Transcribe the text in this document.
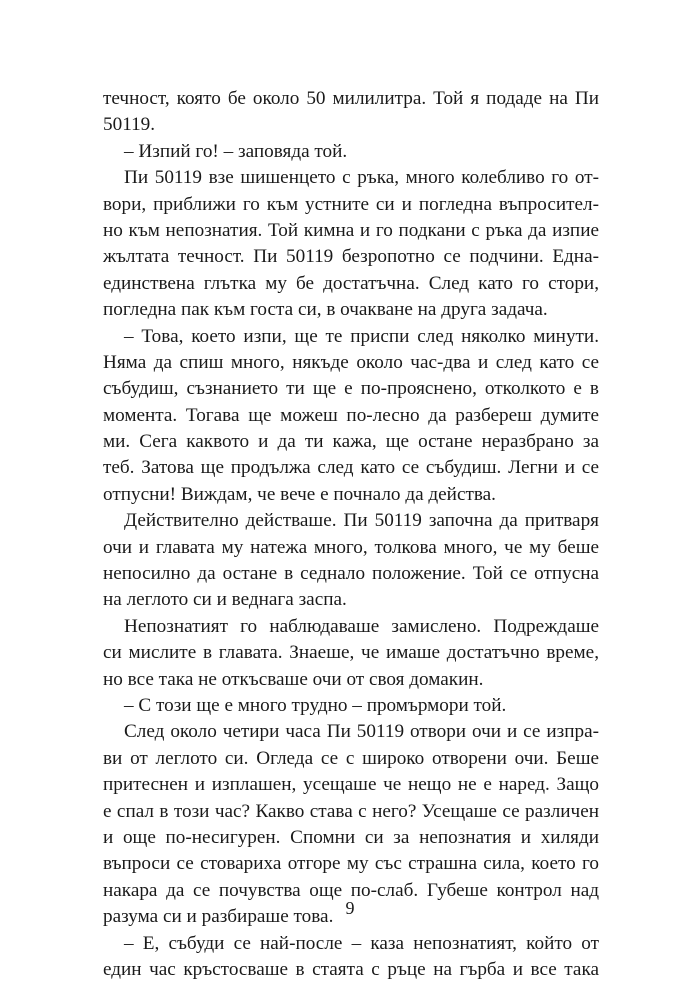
течност, която бе около 50 милилитра. Той я подаде на Пи
50119.
– Изпий го! – заповяда той.
Пи 50119 взе шишенцето с ръка, много колебливо го от-
вори, приближи го към устните си и погледна въпросител-
но към непознатия. Той кимна и го подкани с ръка да изпие
жълтата течност. Пи 50119 безропотно се подчини. Една-
единствена глътка му бе достатъчна. След като го стори,
погледна пак към госта си, в очакване на друга задача.
– Това, което изпи, ще те приспи след няколко минути.
Няма да спиш много, някъде около час-два и след като се
събудиш, съзнанието ти ще е по-прояснено, отколкото е в
момента. Тогава ще можеш по-лесно да разбереш думите
ми. Сега каквото и да ти кажа, ще остане неразбрано за
теб. Затова ще продължа след като се събудиш. Легни и се
отпусни! Виждам, че вече е почнало да действа.
Действително действаше. Пи 50119 започна да притваря
очи и главата му натежа много, толкова много, че му беше
непосилно да остане в седнало положение. Той се отпусна
на леглото си и веднага заспа.
Непознатият го наблюдаваше замислено. Подреждаше
си мислите в главата. Знаеше, че имаше достатъчно време,
но все така не откъсваше очи от своя домакин.
– С този ще е много трудно – промърмори той.
След около четири часа Пи 50119 отвори очи и се изпра-
ви от леглото си. Огледа се с широко отворени очи. Беше
притеснен и изплашен, усещаше че нещо не е наред. Защо
е спал в този час? Какво става с него? Усещаше се различен
и още по-несигурен. Спомни си за непознатия и хиляди
въпроси се стовариха отгоре му със страшна сила, което го
накара да се почувства още по-слаб. Губеше контрол над
разума си и разбираше това.
– Е, събуди се най-после – каза непознатият, който от
един час кръстосваше в стаята с ръце на гърба и все така
9
